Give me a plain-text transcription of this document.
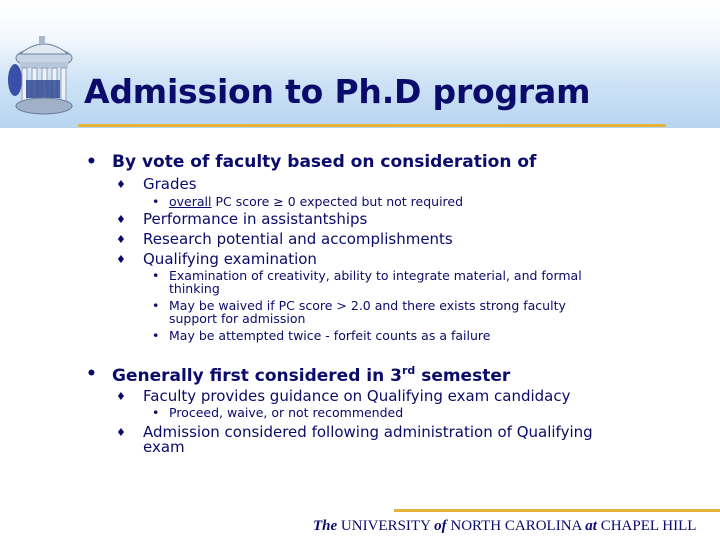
Admission to Ph.D program
• By vote of faculty based on consideration of
♦ Grades
• overall PC score ≥ 0 expected but not required
♦ Performance in assistantships
♦ Research potential and accomplishments
♦ Qualifying examination
• Examination of creativity, ability to integrate material, and formal
thinking
• May be waived if PC score > 2.0 and there exists strong faculty
support for admission
• May be attempted twice - forfeit counts as a failure
• Generally first considered in 3rd semester
♦ Faculty provides guidance on Qualifying exam candidacy
• Proceed, waive, or not recommended
♦ Admission considered following administration of Qualifying
exam
The UNIVERSITY of NORTH CAROLINA at CHAPEL HILL
